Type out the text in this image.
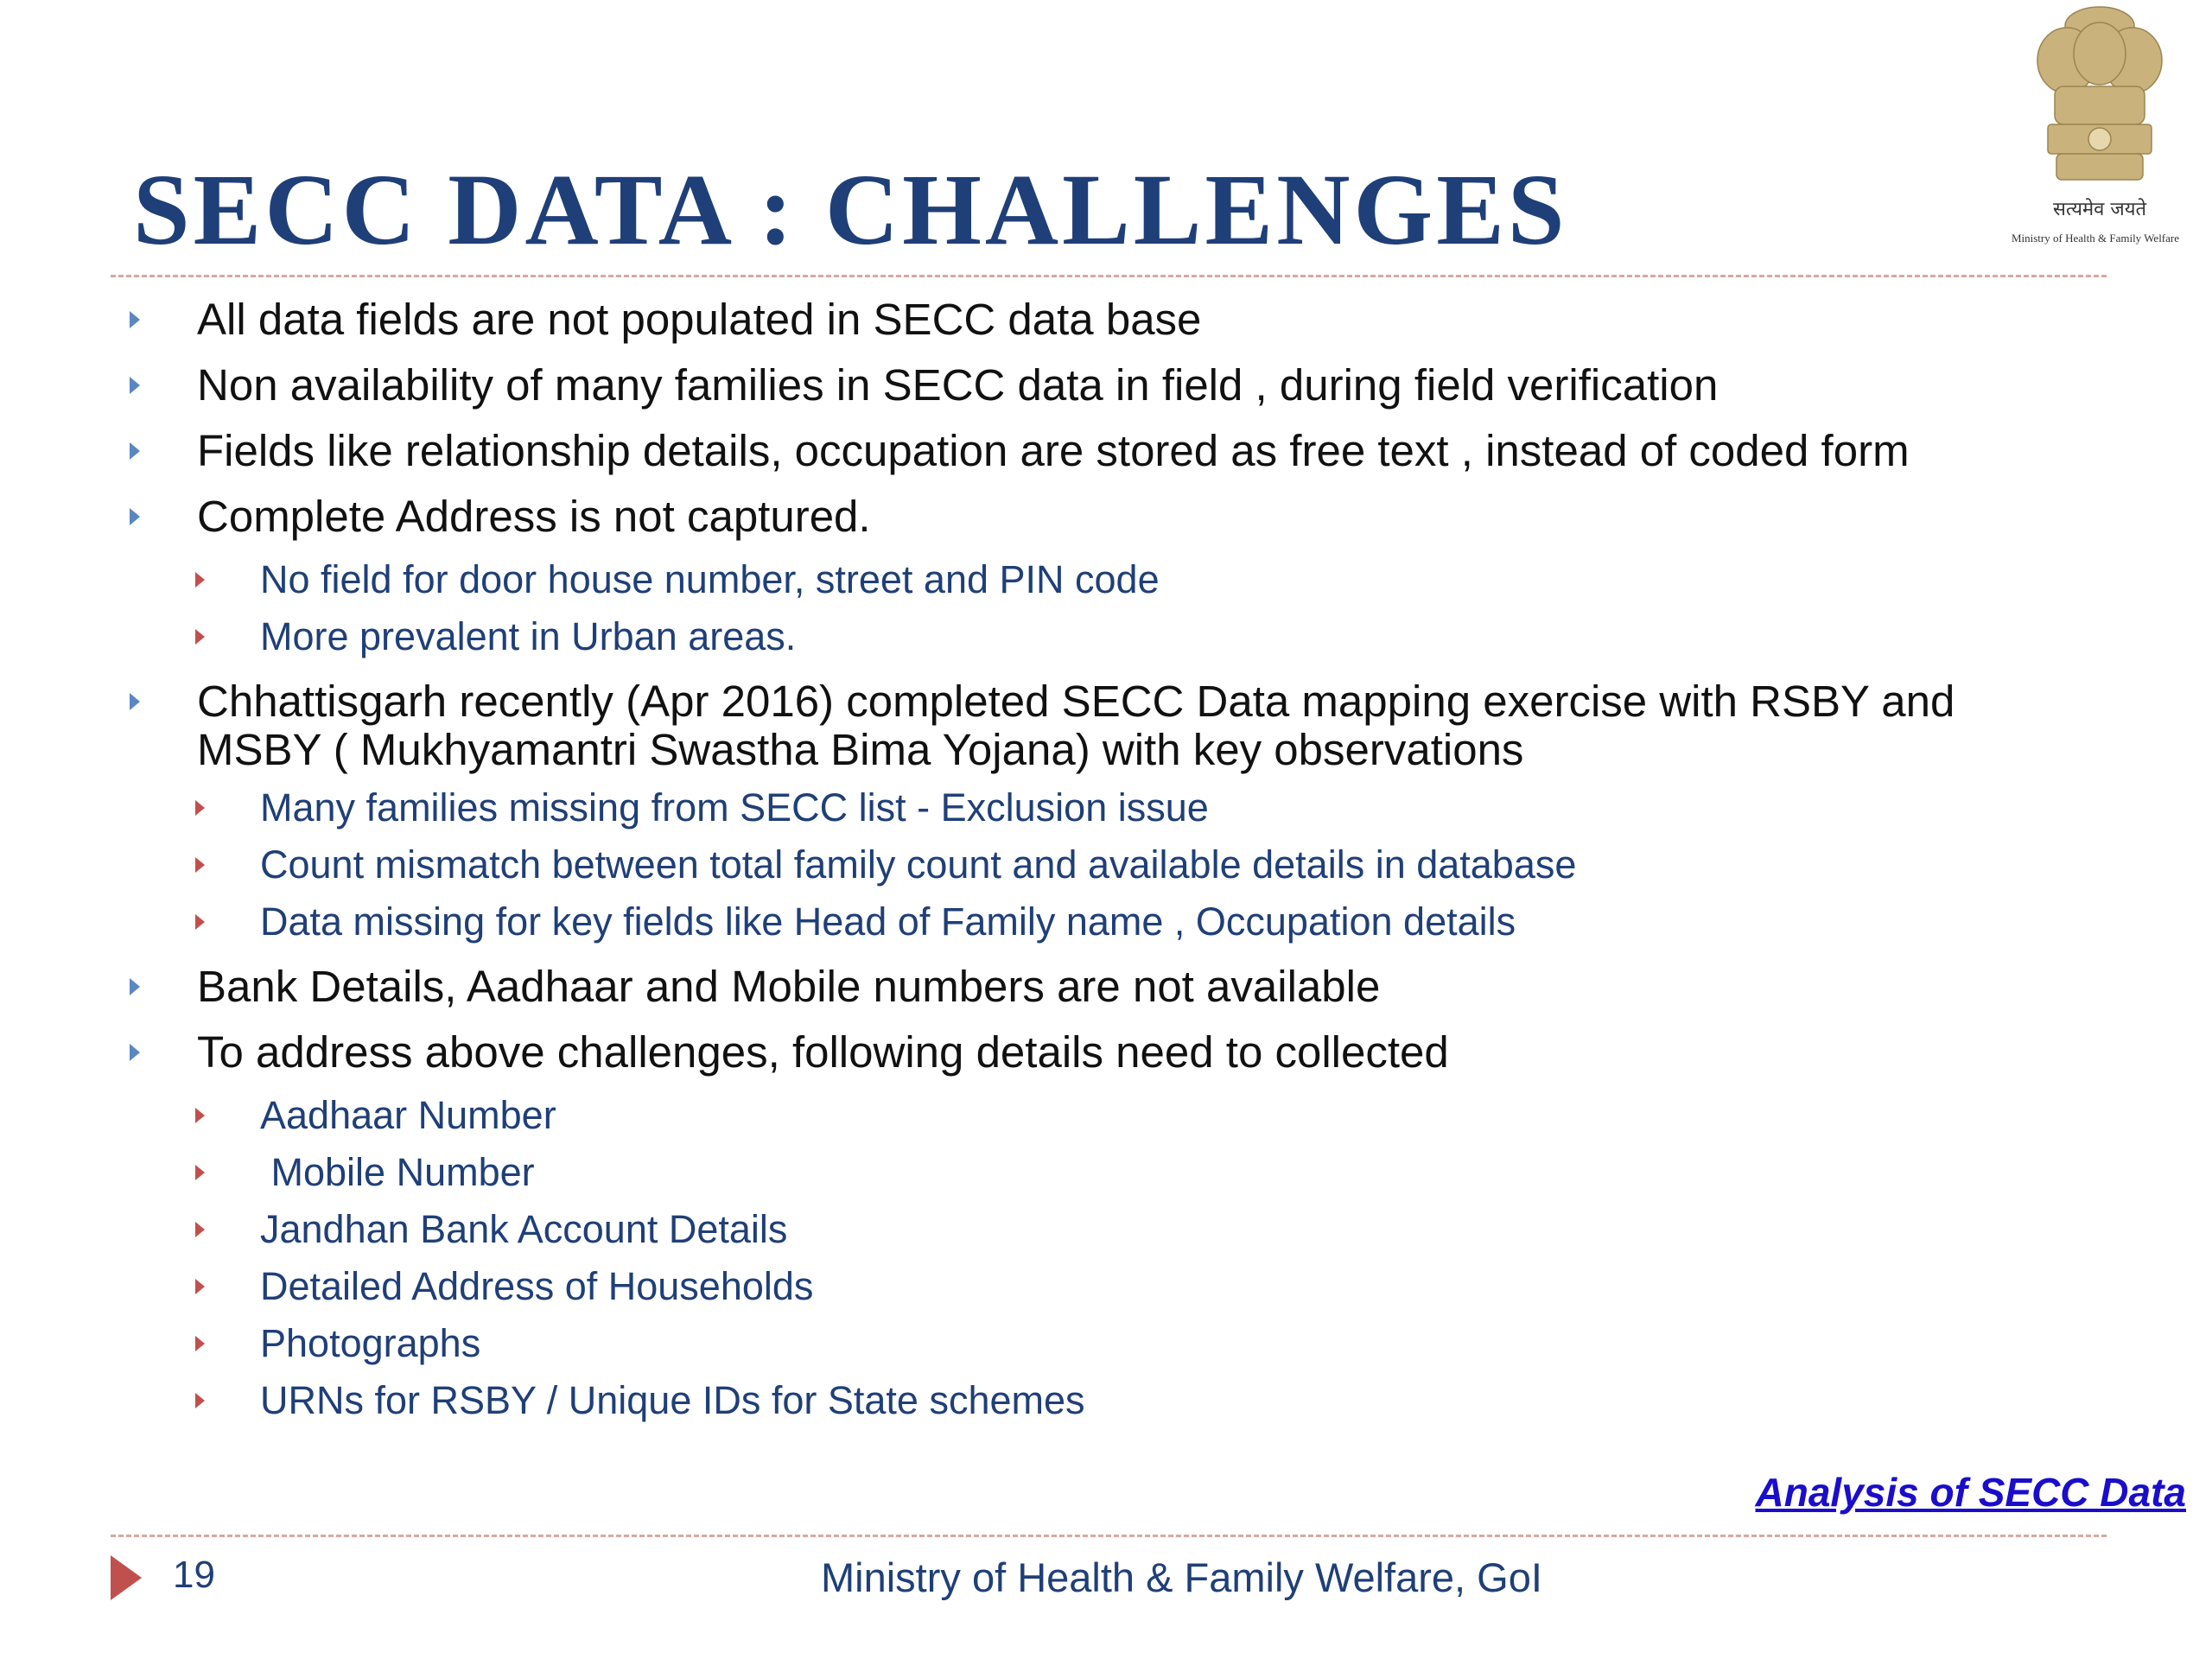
SECC DATA : CHALLENGES	सत्यमेव जयते
Ministry of Health & Family Welfare
All data fields are not populated in SECC data base
Non availability of many families in SECC data in field , during field verification
Fields like relationship details, occupation are stored as free text , instead of coded form
Complete Address is not captured.
No field for door house number, street and PIN code
More prevalent in Urban areas.
Chhattisgarh recently (Apr 2016) completed SECC Data mapping exercise with RSBY and MSBY ( Mukhyamantri Swastha Bima Yojana) with key observations
Many families missing from SECC list - Exclusion issue
Count mismatch between total family count and available details in database
Data missing for key fields like Head of Family name , Occupation details
Bank Details, Aadhaar and Mobile numbers are not available
To address above challenges, following details need to collected
Aadhaar Number
Mobile Number
Jandhan Bank Account Details
Detailed Address of Households
Photographs
URNs for RSBY / Unique IDs for State schemes
Analysis of SECC Data
19	Ministry of Health & Family Welfare, GoI
